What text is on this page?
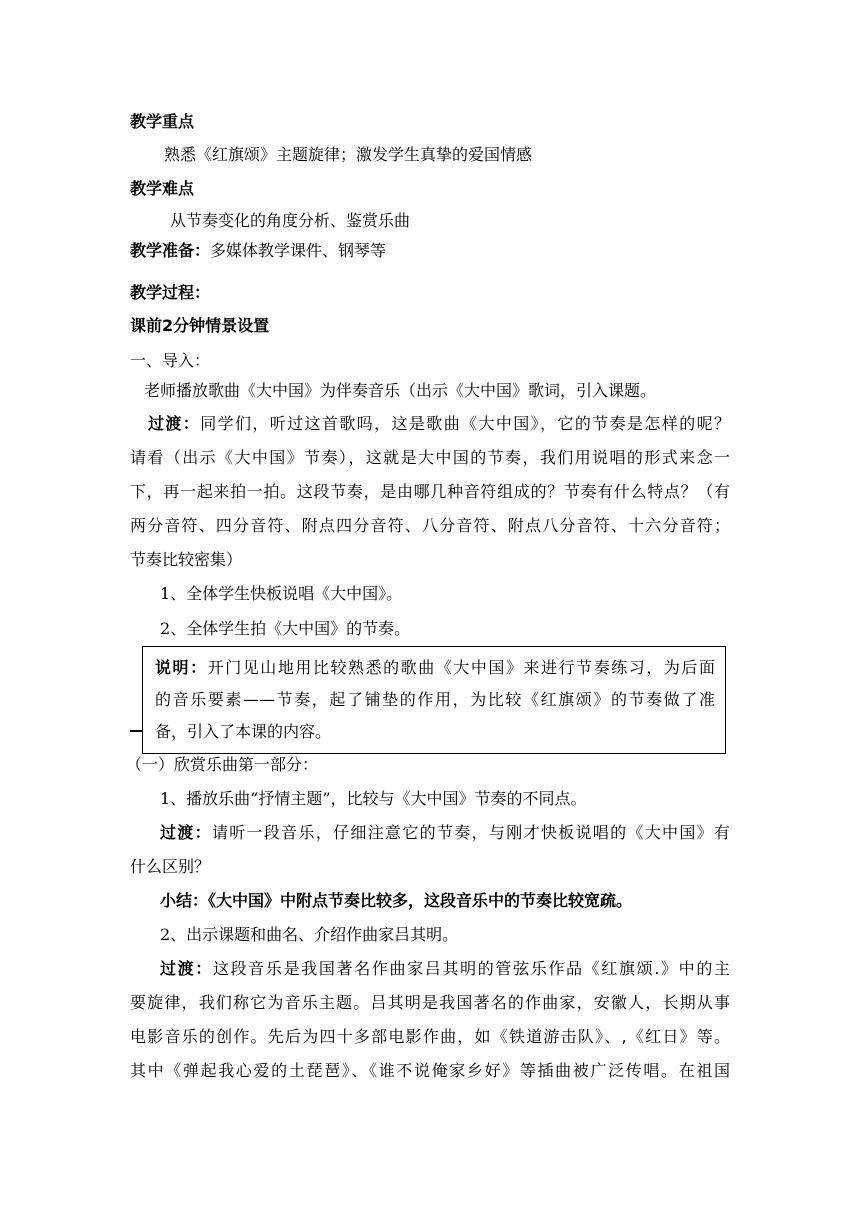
教学重点
熟悉《红旗颂》主题旋律；激发学生真挚的爱国情感
教学难点
从节奏变化的角度分析、鉴赏乐曲
教学准备：多媒体教学课件、钢琴等
教学过程：
课前2分钟情景设置
一、导入：
老师播放歌曲《大中国》为伴奏音乐（出示《大中国》歌词，引入课题。
过渡：同学们，听过这首歌吗，这是歌曲《大中国》，它的节奏是怎样的呢？
请看（出示《大中国》节奏），这就是大中国的节奏，我们用说唱的形式来念一
下，再一起来拍一拍。这段节奏，是由哪几种音符组成的？节奏有什么特点？（有
两分音符、四分音符、附点四分音符、八分音符、附点八分音符、十六分音符；
节奏比较密集）
1、全体学生快板说唱《大中国》。
2、全体学生拍《大中国》的节奏。
说明：开门见山地用比较熟悉的歌曲《大中国》来进行节奏练习，为后面
的音乐要素——节奏，起了铺垫的作用，为比较《红旗颂》的节奏做了准
备，引入了本课的内容。
（一）欣赏乐曲第一部分：
1、播放乐曲“抒情主题”，比较与《大中国》节奏的不同点。
过渡：请听一段音乐，仔细注意它的节奏，与刚才快板说唱的《大中国》有
什么区别？
小结：《大中国》中附点节奏比较多，这段音乐中的节奏比较宽疏。
2、出示课题和曲名、介绍作曲家吕其明。
过渡：这段音乐是我国著名作曲家吕其明的管弦乐作品《红旗颂.》中的主
要旋律，我们称它为音乐主题。吕其明是我国著名的作曲家，安徽人，长期从事
电影音乐的创作。先后为四十多部电影作曲，如《铁道游击队》、,《红日》等。
其中《弹起我心爱的土琵琶》、《谁不说俺家乡好》等插曲被广泛传唱。在祖国
